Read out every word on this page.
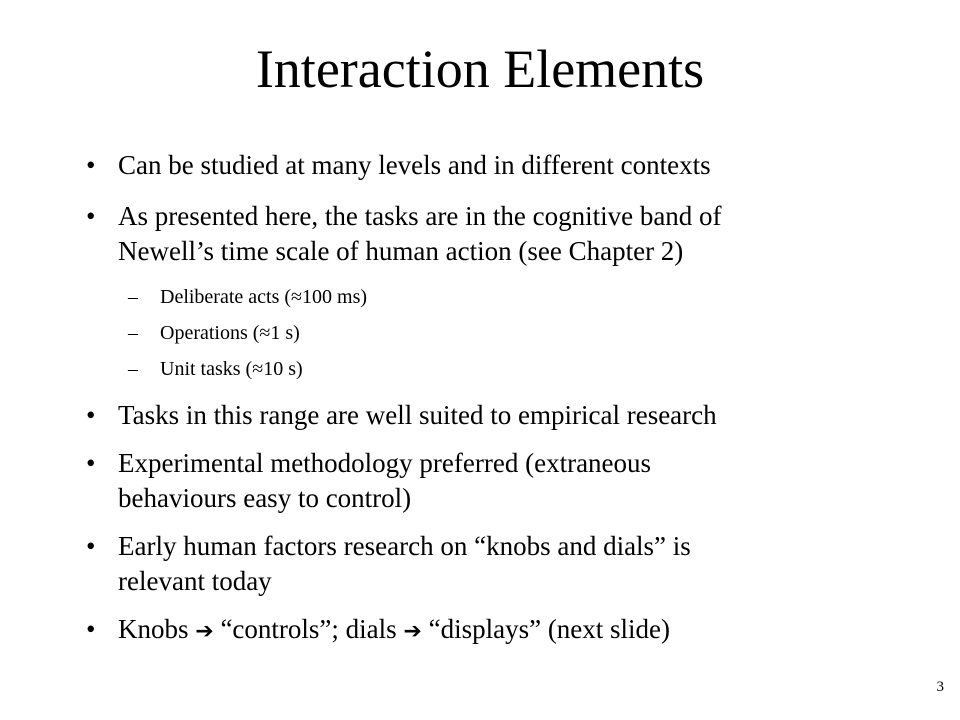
Interaction Elements
• Can be studied at many levels and in different contexts
• As presented here, the tasks are in the cognitive band of
Newell’s time scale of human action (see Chapter 2)
–	Deliberate acts (≈100 ms)
–	Operations (≈1 s)
–	Unit tasks (≈10 s)
• Tasks in this range are well suited to empirical research
• Experimental methodology preferred (extraneous
behaviours easy to control)
• Early human factors research on “knobs and dials” is
relevant today
• Knobs ➔ “controls”; dials ➔ “displays” (next slide)
3
